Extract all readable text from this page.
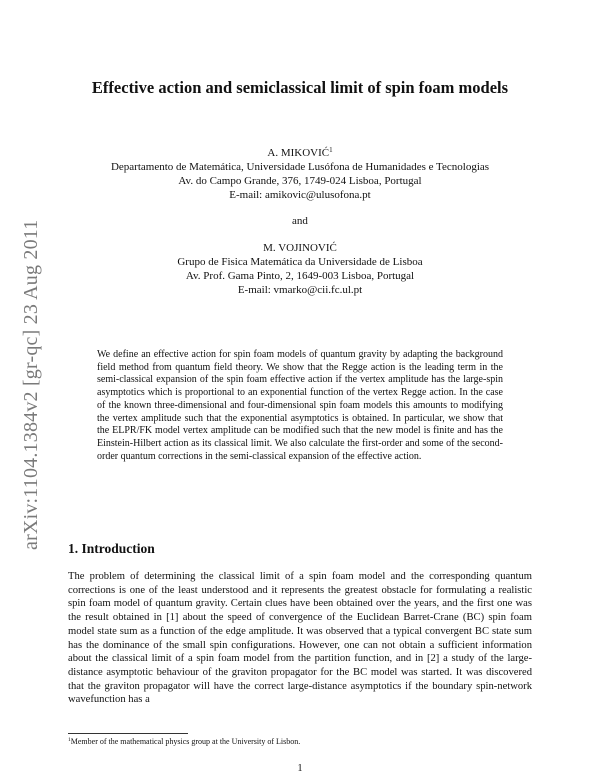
arXiv:1104.1384v2 [gr-qc] 23 Aug 2011
Effective action and semiclassical limit of spin foam models
A. MIKOVIĆ$^1$
Departamento de Matemática, Universidade Lusófona de Humanidades e Tecnologias
Av. do Campo Grande, 376, 1749-024 Lisboa, Portugal
E-mail: amikovic@ulusofona.pt
and
M. VOJINOVIĆ
Grupo de Fisica Matemática da Universidade de Lisboa
Av. Prof. Gama Pinto, 2, 1649-003 Lisboa, Portugal
E-mail: vmarko@cii.fc.ul.pt
We define an effective action for spin foam models of quantum gravity by adapting the background field method from quantum field theory. We show that the Regge action is the leading term in the semi-classical expansion of the spin foam effective action if the vertex amplitude has the large-spin asymptotics which is proportional to an exponential function of the vertex Regge action. In the case of the known three-dimensional and four-dimensional spin foam models this amounts to modifying the vertex amplitude such that the exponential asymptotics is obtained. In particular, we show that the ELPR/FK model vertex amplitude can be modified such that the new model is finite and has the Einstein-Hilbert action as its classical limit. We also calculate the first-order and some of the second-order quantum corrections in the semi-classical expansion of the effective action.
1. Introduction
The problem of determining the classical limit of a spin foam model and the corresponding quantum corrections is one of the least understood and it represents the greatest obstacle for formulating a realistic spin foam model of quantum gravity. Certain clues have been obtained over the years, and the first one was the result obtained in [1] about the speed of convergence of the Euclidean Barret-Crane (BC) spin foam model state sum as a function of the edge amplitude. It was observed that a typical convergent BC state sum has the dominance of the small spin configurations. However, one can not obtain a sufficient information about the classical limit of a spin foam model from the partition function, and in [2] a study of the large-distance asymptotic behaviour of the graviton propagator for the BC model was started. It was discovered that the graviton propagator will have the correct large-distance asymptotics if the boundary spin-network wavefunction has a
$^1$Member of the mathematical physics group at the University of Lisbon.
1
